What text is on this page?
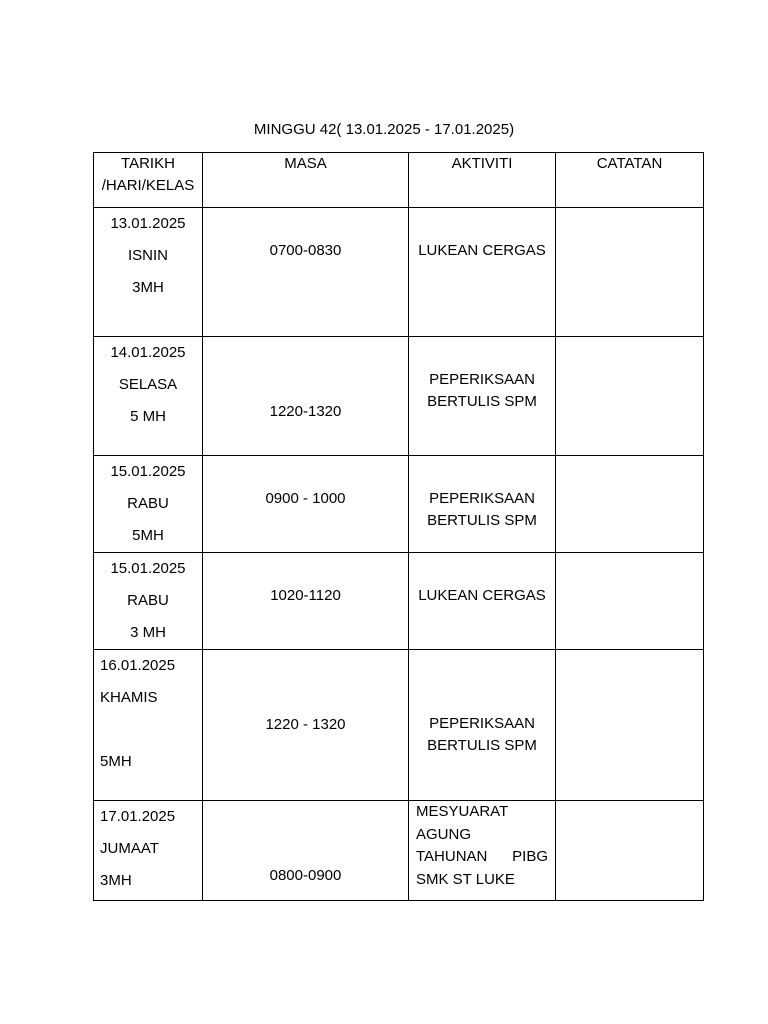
MINGGU 42( 13.01.2025 - 17.01.2025)
TARIKH
/HARI/KELAS	MASA	AKTIVITI	CATATAN

13.01.2025
ISNIN
3MH	0700-0830	LUKEAN CERGAS	

14.01.2025
SELASA
5 MH	1220-1320	PEPERIKSAAN
BERTULIS SPM	

15.01.2025
RABU
5MH	0900 - 1000	PEPERIKSAAN
BERTULIS SPM	

15.01.2025
RABU
3 MH	1020-1120	LUKEAN CERGAS	

16.01.2025
KHAMIS
5MH	1220 - 1320	PEPERIKSAAN
BERTULIS SPM	

17.01.2025
JUMAAT
3MH	0800-0900	MESYUARAT
AGUNG
TAHUNAN PIBG
SMK ST LUKE	
